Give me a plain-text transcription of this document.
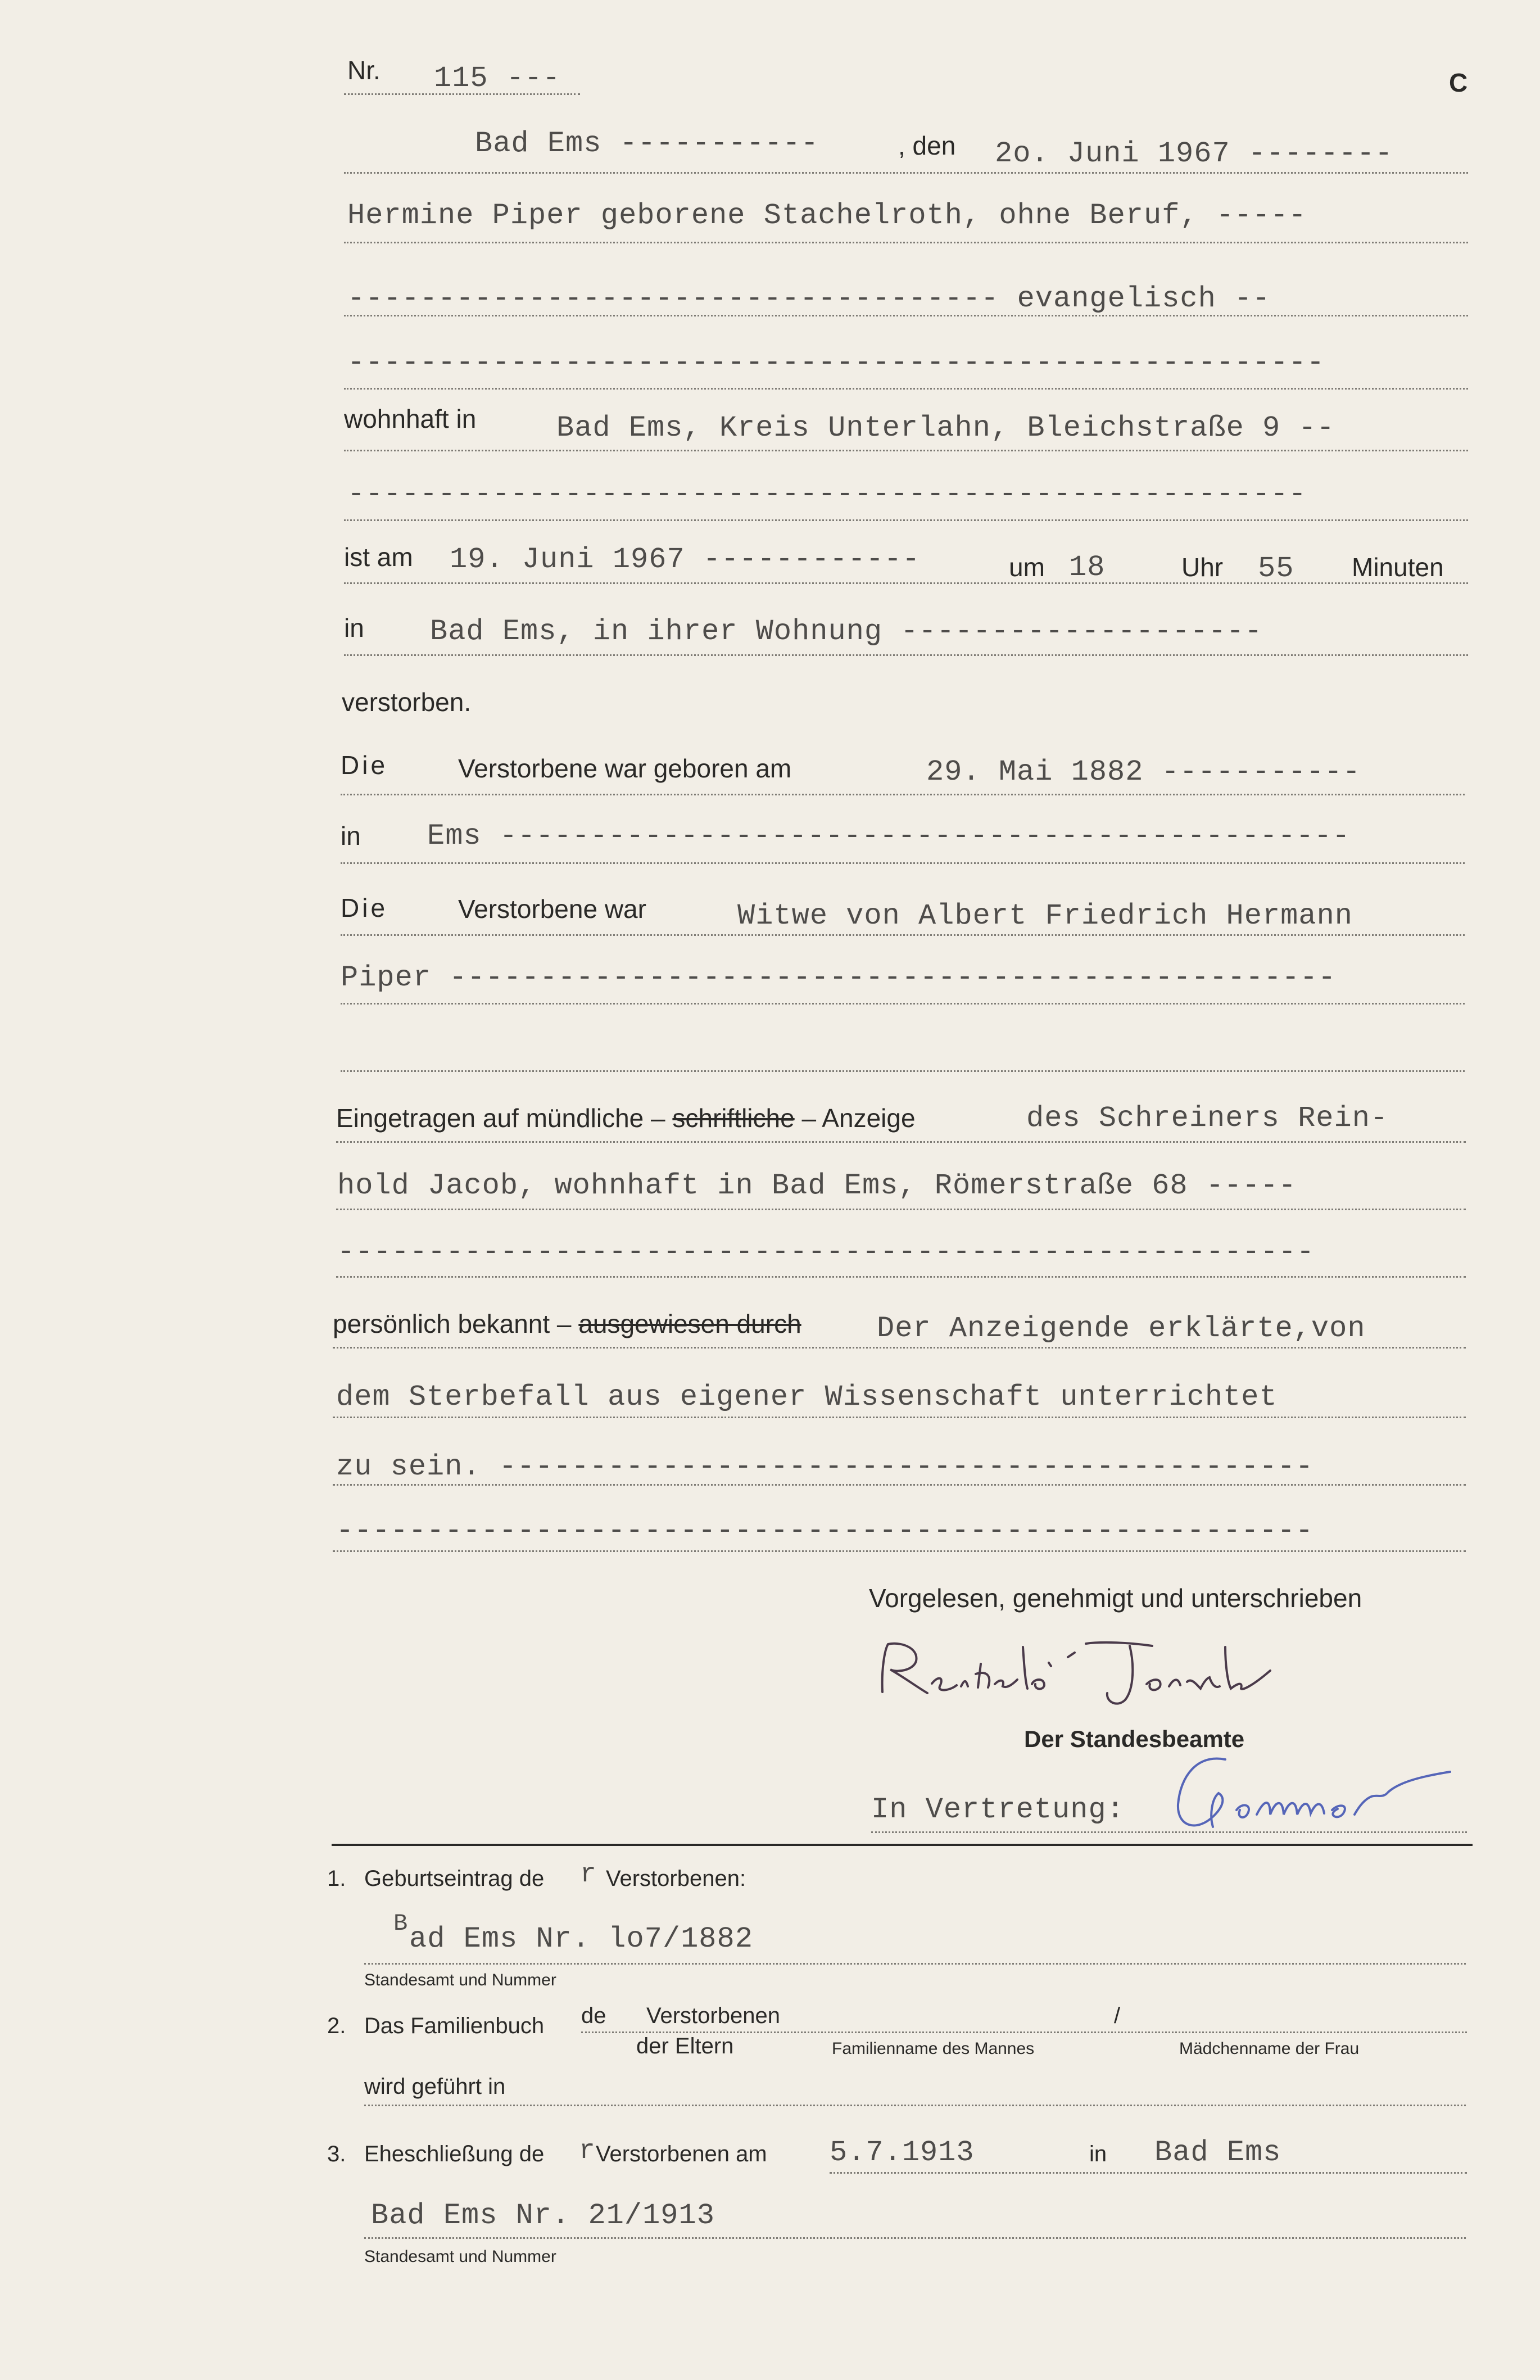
Nr. 115 ---	C
Bad Ems -----------	, den 2o. Juni 1967 --------
Hermine Piper geborene Stachelroth, ohne Beruf, -----
------------------------------------ evangelisch --
------------------------------------------------------
wohnhaft in	Bad Ems, Kreis Unterlahn, Bleichstraße 9 --
-----------------------------------------------------
ist am 19. Juni 1967 ------------	um 18	Uhr 55 Minuten
in Bad Ems, in ihrer Wohnung --------------------
verstorben.
Die	Verstorbene war geboren am	29. Mai 1882 -----------
in Ems -----------------------------------------------
Die	Verstorbene war	Witwe von Albert Friedrich Hermann
Piper -------------------------------------------------
Eingetragen auf mündliche – schriftliche – Anzeige	des Schreiners Rein-
hold Jacob, wohnhaft in Bad Ems, Römerstraße 68 -----
------------------------------------------------------
persönlich bekannt – ausgewiesen durch	Der Anzeigende erklärte,von
dem Sterbefall aus eigener Wissenschaft unterrichtet
zu sein. ---------------------------------------------
------------------------------------------------------
Vorgelesen, genehmigt und unterschrieben
Der Standesbeamte
In Vertretung:
1. Geburtseintrag de r Verstorbenen:
B ad Ems Nr. lo7/1882
Standesamt und Nummer
2. Das Familienbuch de Verstorbenen	/
der Eltern	Familienname des Mannes	Mädchenname der Frau
wird geführt in
3. Eheschließung de r Verstorbenen am 5.7.1913	in Bad Ems
Bad Ems Nr. 21/1913
Standesamt und Nummer
